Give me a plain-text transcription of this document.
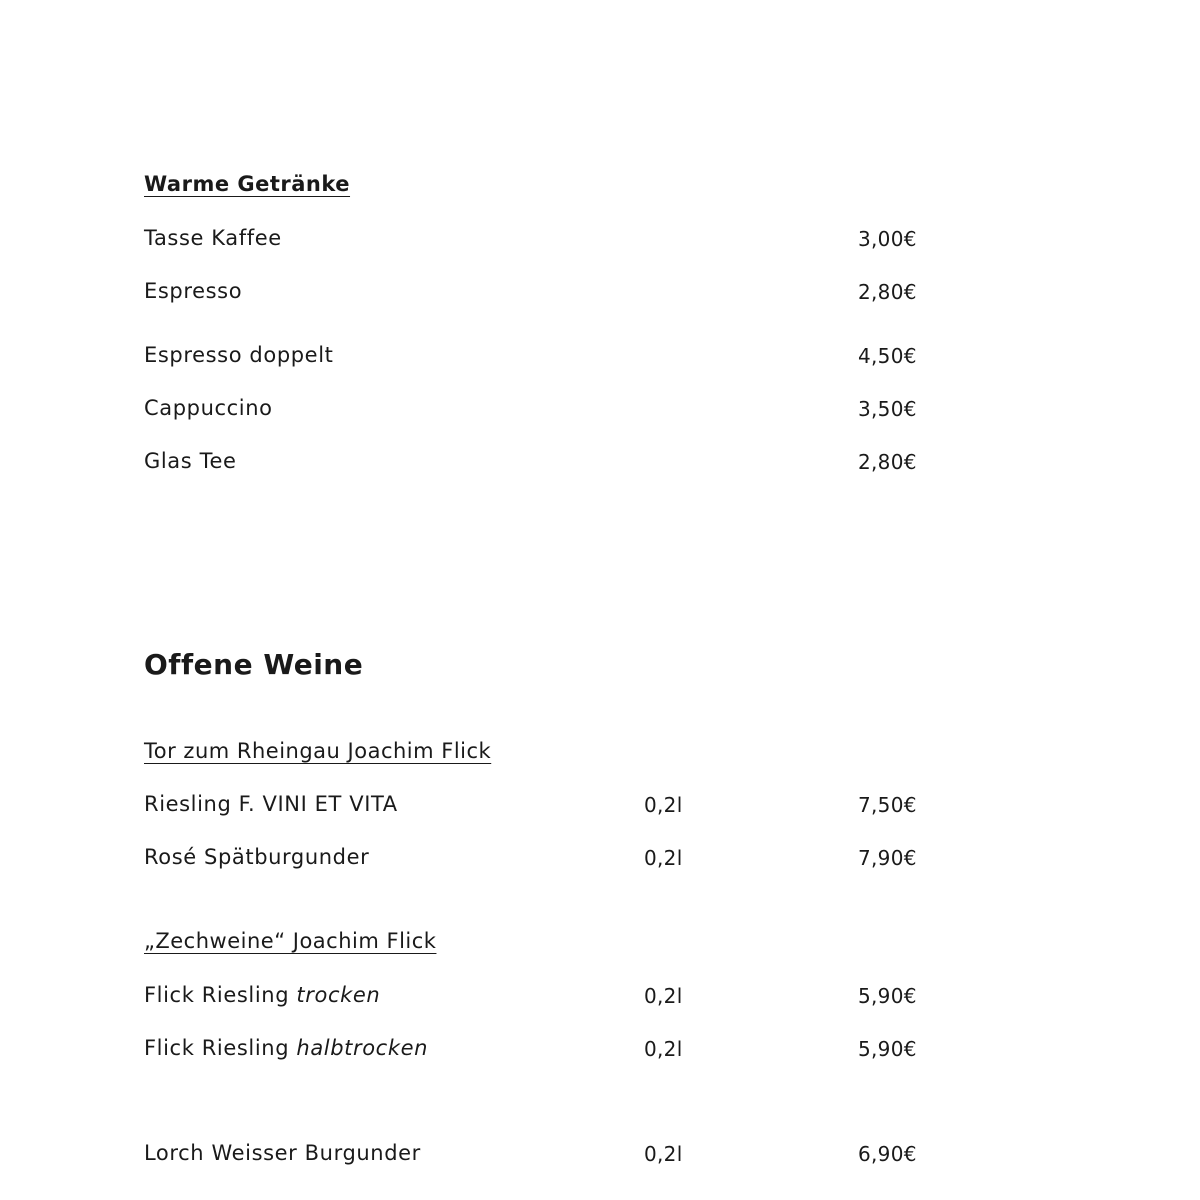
Warme Getränke
Tasse Kaffee	3,00€
Espresso	2,80€
Espresso doppelt	4,50€
Cappuccino	3,50€
Glas Tee	2,80€
Offene Weine
Tor zum Rheingau Joachim Flick
Riesling F. VINI ET VITA	0,2l	7,50€
Rosé Spätburgunder	0,2l	7,90€
„Zechweine“ Joachim Flick
Flick Riesling trocken	0,2l	5,90€
Flick Riesling halbtrocken	0,2l	5,90€
Lorch Weisser Burgunder	0,2l	6,90€
